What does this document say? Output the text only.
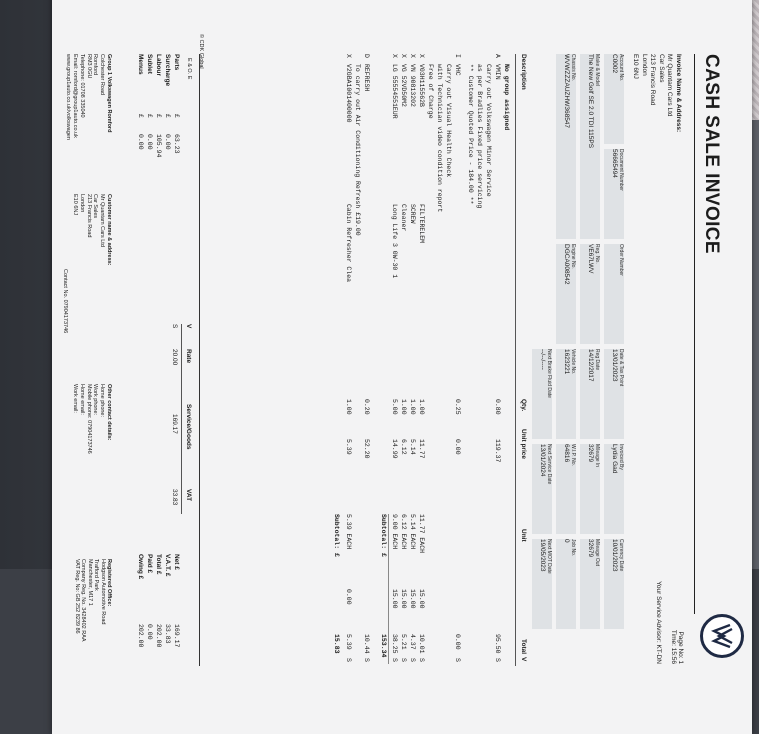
CASH SALE INVOICE
Page No: 1
Time: 15:56
Your Service Advisor: KT-DN
Invoice Name & Address:
Mr Quantam Cars Ltd
Car Sales
213 Francis Road
London
E10 6NJ
Account No.
C0002
Document Number
56665494
Order Number
Date & Tax Point
13/01/2023
Invoiced By
Lydia Gad
Currency Date
10/01/2023
Make & Model
The New Golf SE 2.0 TDI 115PS
Reg. No.
VE67LWV
Reg Date
14/12/2017
Mileage In
32679
Mileage Out
32679
Chassis No.
WVWZZZAUZHW368547
Engine No.
DGCA008542
Vehicle No.
1623221
W.I.P. No.
64816
Job No.
0
Next Brake Fluid Date
--/--/----
Next Service Date
13/01/2024
Next MOT Date
19/05/2023
Description
Qty.
Unit price
Unit
Total
V
No group assigned
A
VMIN
0.80
119.37
95.50
S
Carry out Volkswagen Minor Service
as per Bradlies Fixed price servicing
** Customer Quoted Price - 184.00 **
I
VHC
0.25
0.00
0.00
S
Carry out Visual Health Check
with Technician video condition report
Free of Charge
X
V03H115562B
FILTERELEM
1.00
11.77
11.77 EACH
15.00
10.01
S
X
VN 90813202
SCREW
1.00
5.14
5.14 EACH
15.00
4.37
S
X
VG 52VD50M2
Cleaner
1.00
6.12
6.12 EACH
15.00
5.21
S
X
LG 55554551EUR
Long Life 3 0W-30 1
5.00
14.99
9.00 EACH
15.00
38.25
S
Subtotal: £
153.34
D
REFRESH
0.20
52.20
10.44
S
To carry out Air Conditioning Refresh £19.00
X
V2GBA1001400000
Cabin Refresher Clea
1.00
5.39
5.39 EACH
0.00
5.39
S
Subtotal: £
15.83
V
Rate
Service/Goods
VAT
S
20.00
169.17
33.83
E & O. E
© CDK Global
Parts
Surcharge
Labour
Sublet
Menus
£
£
£
£
£
63.23
0.00
105.94
0.00
0.00
Net £
V.A.T. £
Total £
Paid £
Owing £
169.17
33.83
202.00
0.00
202.00
Group 1 Volkswagen Romford
Colchester Road
Romford
RM3 0GU
Telephone: 01708 335040
Email: romford@group1auto.co.uk
www.group1auto.co.uk/volkswagen
Customer name & address:
Mr Quantam Cars Ltd
Car Sales
213 Francis Road
London
E10 6NJ
Contact No. 07904173746
Other contact details:
Home phone:
Work phone:
Mobile phone: 07904173746
Home email:
Work email:
Registered Office:
Hodgson Automotive Road
Trafford Park
Manchester, M17 1
Company Reg. No. 3428402 RAA
VAT Reg. No: GB 252 8239 86
